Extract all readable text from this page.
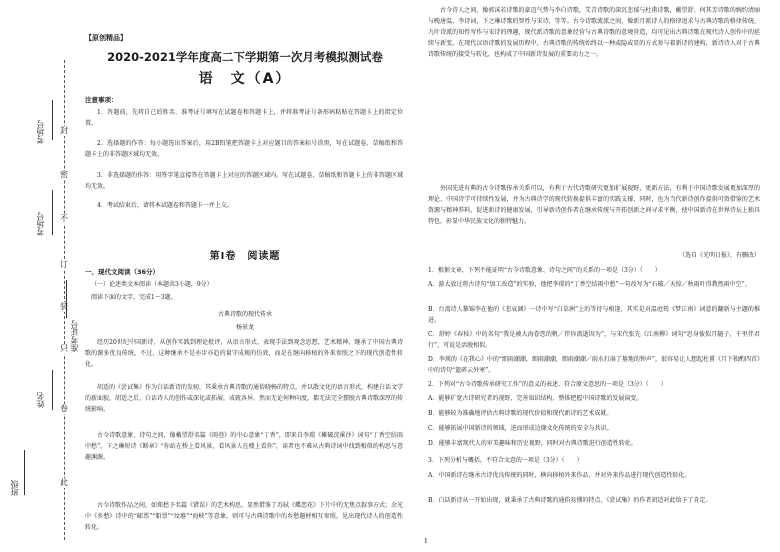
封
密
不
订
装
只
卷
此
考场号
考场号
准考证号
姓名
班级
【原创精品】
2020-2021学年度高二下学期第一次月考模拟测试卷
语　文（A）
注意事项：
1．答题前，先将自己的姓名、准考证号填写在试题卷和答题卡上，并将准考证号条形码粘贴在答题卡上的指定位置。
2．选择题的作答：每小题选出答案后，用2B铅笔把答题卡上对应题目的答案标号涂黑，写在试题卷、草稿纸和答题卡上的非答题区域均无效。
3．非选择题的作答：用签字笔直接答在答题卡上对应的答题区域内。写在试题卷、草稿纸和答题卡上的非答题区域均无效。
4．考试结束后，请将本试题卷和答题卡一并上交。
第Ⅰ卷　阅读题
一、现代文阅读（36分）
（一）论述类文本阅读（本题共3小题，9分）
阅读下面的文字，完成1～3题。
古典诗歌的现代传承
杨景龙
经历20世纪中国新诗，从创作实践到理论批评，从语言形式、表现手法到观念思想，艺术精神，继承了中国古典诗歌的源多优良传统，不过，这种继承不是亦步亦趋的量守成规的仿效，而是在继向移植的外来参照之下的现代创造性转化。
胡适的《尝试集》作为白话新诗的发轫，其秉承古典诗歌的通俗晓畅的特点，并以散文化的语言形式，构建白话文学的新面貌，胡适之后，白话诗人的创作或深化或拓展，成就各异，然而无论何种向度，都无法完全摆脱古典诗歌深厚的传统影响。
古今诗歌意象、诗句之间，像戴望舒名篇《雨巷》的中心意象“丁香”，即来自李璟《摊破浣溪沙》词句“丁香空结雨中愁”。卞之琳短诗《断章》“你站在桥上看风景，看风景人在楼上看你”，读者也不难从古典诗词中找到相似的构思与意趣渊源。
古今诗歌作品之间，如郑愁予名篇《错误》的艺术构思，显然借鉴了苏轼《蝶恋花》下片中的无焦点叙事方式；余光中《乡愁》诗中的“邮票”“船票”“坟墓”“海峡”等意象，则可与古典诗歌中的乡愁题材相互参照，见出现代诗人的创造性转化。
古今诗人之间，像郭沫若诗歌的豪迈气势与李白诗歌，艾青诗歌的深沉悲郁与杜甫诗歌，戴望舒、何其芳诗歌的婉约清丽与晚唐温、李诗词，下之琳诗歌的智性与宋诗，等等。古今诗歌流派之间，像新月派诗人的格律追求与古典诗歌的格律传统，九叶诗派的知性写作与宋诗的理趣，现代派诗歌的意象经营与古典诗歌的意境营造，均可见出古典诗歌在现代诗人创作中的延续与新变。在现代汉语诗歌的发展历程中，古典诗歌的传统始终以一种或隐或显的方式参与着新诗的建构，新诗诗人对于古典诗歌传统的接受与转化，也构成了中国新诗发展的重要动力之一。
外国先进有典的古今诗歌传承关系可以，有利于古代诗歌研究更加扩展视野，更新方法，有利于中国诗歌发展更加深厚的理论，中国诗学可持续性发展，并为古典诗学的现代转换提供丰富的实践支撑，同时，也为当代新诗创作提供可资借鉴的艺术资源与精神养料，促进新诗的健康发展，引导新诗创作者在继承传统与开拓创新之间寻求平衡，使中国新诗在世界诗坛上独具特色，彰显中华民族文化的独特魅力。
（选自《光明日报》，有删改）
1．根据文章，下列不能证明“古今诗歌意象、诗句之间”的关系的一项是（3分）（　　）
A．游大放过将古诗句“加工改造”的实验，他把李璟的“丁香空结雨中愁”一句改写为“石破／天惊／秋雨叶得教然雨中空”。
B．台湾诗人黎锦李在他的《悲哀调》一诗中写“白草洲”上的等待与相逢，其实是对温庭筠《梦江南》词意的翻新与主题的推进。
C．舒婷《春枝》中的名句“我是被大海眷恋的帆／伴你流逝因为”，与宋代张先《江南柳》词句“思身彼似月随子，千里伴君行”，可说是活脱相似。
D．李瑛的《在我心》中的“细雨潮潮，细雨潮潮，细雨潮潮／雨水打湿了墓地的钟声”，很容易让人想起杜甫《月下独酌四首》中的诗句“篮碎云外寒”。
2．下列对“古今诗歌传承研究工作”的意义的表述，符合原文意思的一项是（3分）（　　）
A．能够扩宽古诗研究者的视野，完善知识结构，整体把握中国诗歌的发展演变。
B．能够较为准确地评估古典诗歌的现代价值和现代新诗的艺术成就。
C．能够拓展中国新诗的领域，进而形成边缘文化传统的安全与共识。
D．能够丰富现代人的审美趣味和历史视野，同时对古典诗歌进行创造性转化。
3．下列分析与概括，不符合文意的一项是（3分）（　　）
A．中国新诗在继承古诗优良传统的同时，横向移植外来作品，并对外来作品进行现代创造性转化。
B．白话新诗从一开始出现，就秉承了古典诗歌的通俗易懂的特点，《尝试集》的作者胡适对此给予了肯定。
1
